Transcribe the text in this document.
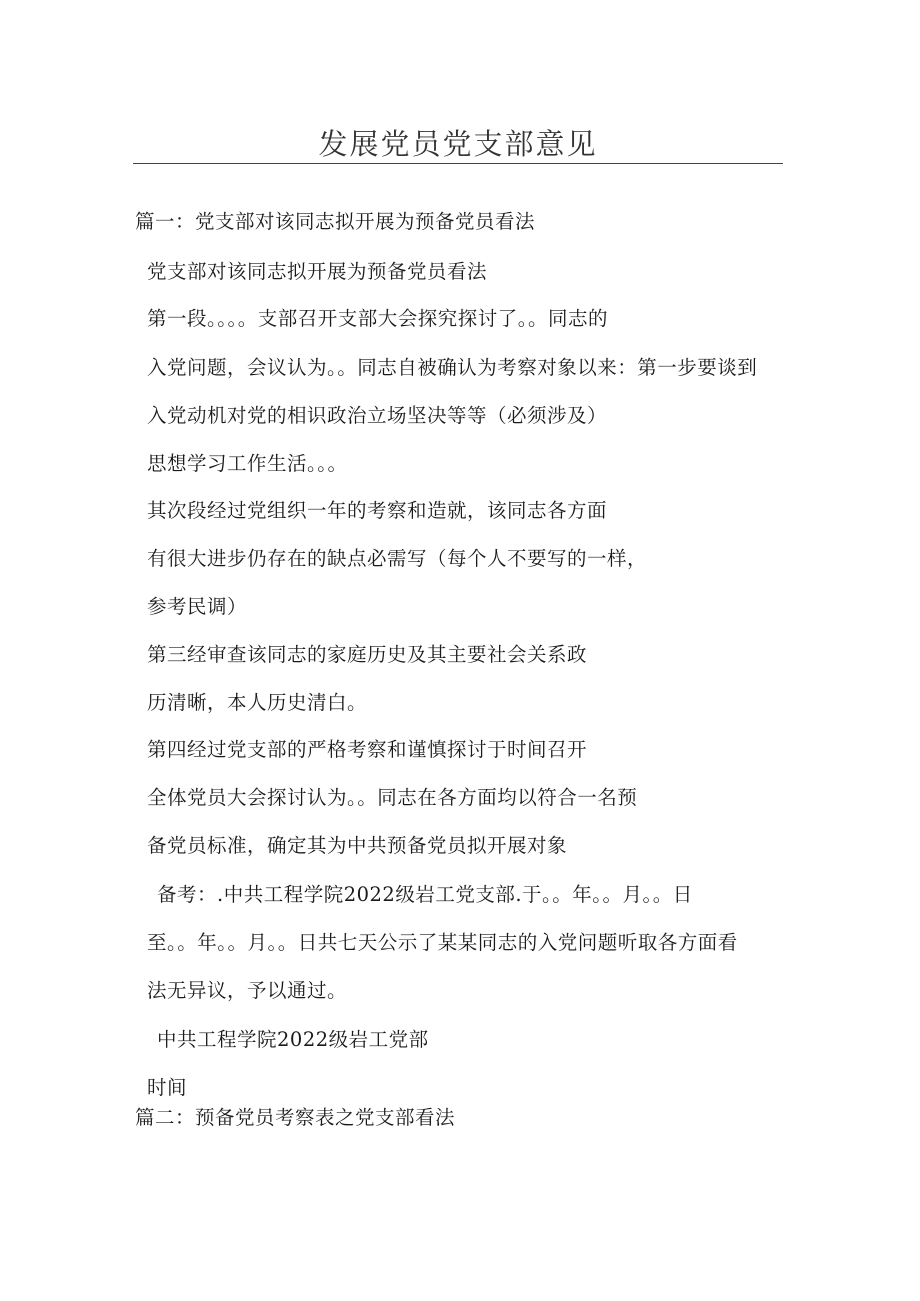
发展党员党支部意见

篇一：党支部对该同志拟开展为预备党员看法

党支部对该同志拟开展为预备党员看法

第一段。。。。支部召开支部大会探究探讨了。。同志的

入党问题，会议认为。。同志自被确认为考察对象以来：第一步要谈到

入党动机对党的相识政治立场坚决等等（必须涉及）

思想学习工作生活。。。

其次段经过党组织一年的考察和造就，该同志各方面

有很大进步仍存在的缺点必需写（每个人不要写的一样，

参考民调）

第三经审查该同志的家庭历史及其主要社会关系政

历清晰，本人历史清白。

第四经过党支部的严格考察和谨慎探讨于时间召开

全体党员大会探讨认为。。同志在各方面均以符合一名预

备党员标准，确定其为中共预备党员拟开展对象

备考：.中共工程学院2022级岩工党支部.于。。年。。月。。日

至。。年。。月。。日共七天公示了某某同志的入党问题听取各方面看

法无异议，予以通过。

中共工程学院2022级岩工党部

时间

篇二：预备党员考察表之党支部看法
